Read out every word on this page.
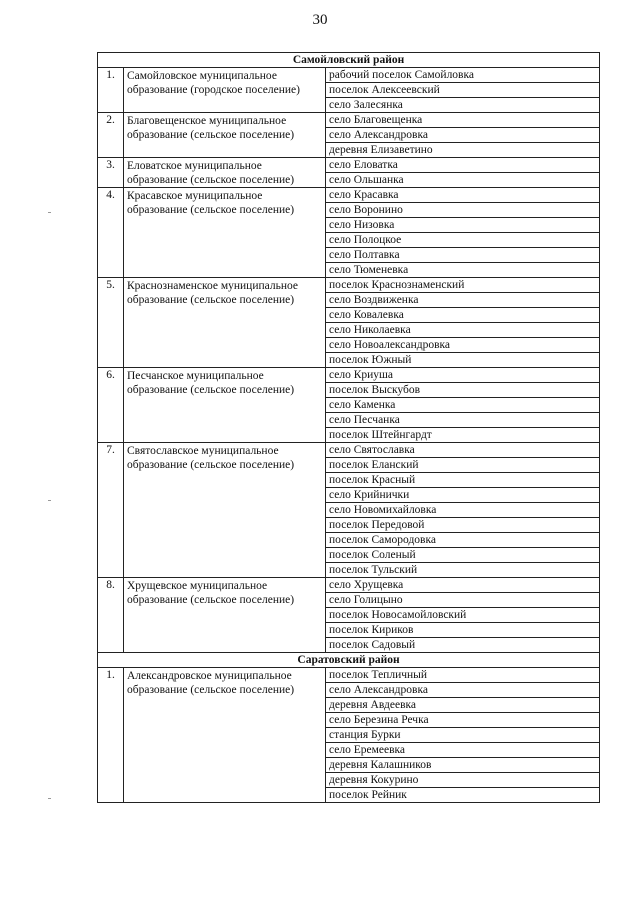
30
Самойловский район		
1.	Самойловское муниципальное образование (городское поселение)	рабочий поселок Самойловка
		поселок Алексеевский
		село Залесянка
2.	Благовещенское муниципальное образование (сельское поселение)	село Благовещенка
		село Александровка
		деревня Елизаветино
3.	Еловатское муниципальное образование (сельское поселение)	село Еловатка
		село Ольшанка
4.	Красавское муниципальное образование (сельское поселение)	село Красавка
		село Воронино
		село Низовка
		село Полоцкое
		село Полтавка
		село Тюменевка
5.	Краснознаменское муниципальное образование (сельское поселение)	поселок Краснознаменский
		село Воздвиженка
		село Ковалевка
		село Николаевка
		село Новоалександровка
		поселок Южный
6.	Песчанское муниципальное образование (сельское поселение)	село Криуша
		поселок Выскубов
		село Каменка
		село Песчанка
		поселок Штейнгардт
7.	Святославское муниципальное образование (сельское поселение)	село Святославка
		поселок Еланский
		поселок Красный
		село Крийнички
		село Новомихайловка
		поселок Передовой
		поселок Самородовка
		поселок Соленый
		поселок Тульский
8.	Хрущевское муниципальное образование (сельское поселение)	село Хрущевка
		село Голицыно
		поселок Новосамойловский
		поселок Кириков
		поселок Садовый
Саратовский район		
1.	Александровское муниципальное образование (сельское поселение)	поселок Тепличный
		село Александровка
		деревня Авдеевка
		село Березина Речка
		станция Бурки
		село Еремеевка
		деревня Калашников
		деревня Кокурино
		поселок Рейник
